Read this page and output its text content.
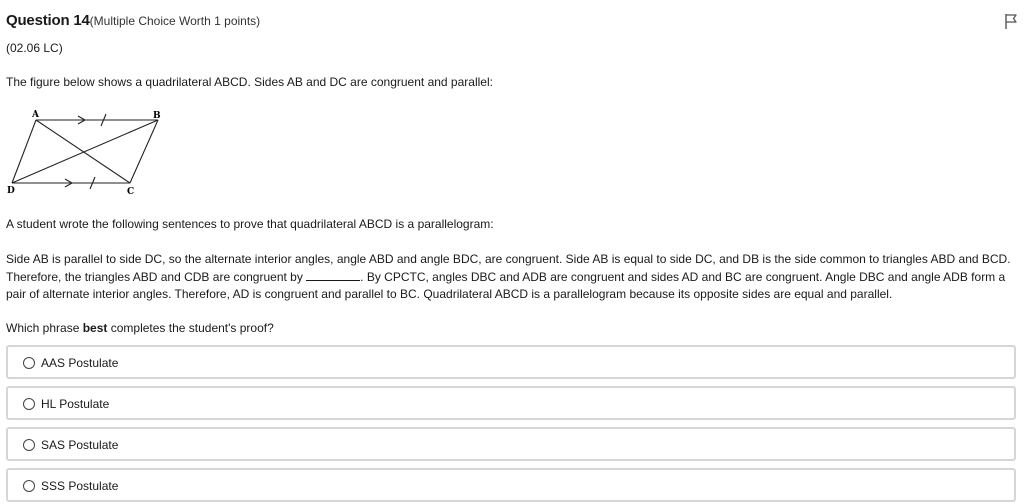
Question 14(Multiple Choice Worth 1 points)
(02.06 LC)
The figure below shows a quadrilateral ABCD. Sides AB and DC are congruent and parallel:
A	B
C
D
A student wrote the following sentences to prove that quadrilateral ABCD is a parallelogram:
Side AB is parallel to side DC, so the alternate interior angles, angle ABD and angle BDC, are congruent. Side AB is equal to side DC, and DB is the side common to triangles ABD and BCD. Therefore, the triangles ABD and CDB are congruent by	. By CPCTC, angles DBC and ADB are congruent and sides AD and BC are congruent. Angle DBC and angle ADB form a pair of alternate interior angles. Therefore, AD is congruent and parallel to BC. Quadrilateral ABCD is a parallelogram because its opposite sides are equal and parallel.
Which phrase best completes the student's proof?
AAS Postulate
HL Postulate
SAS Postulate
SSS Postulate
